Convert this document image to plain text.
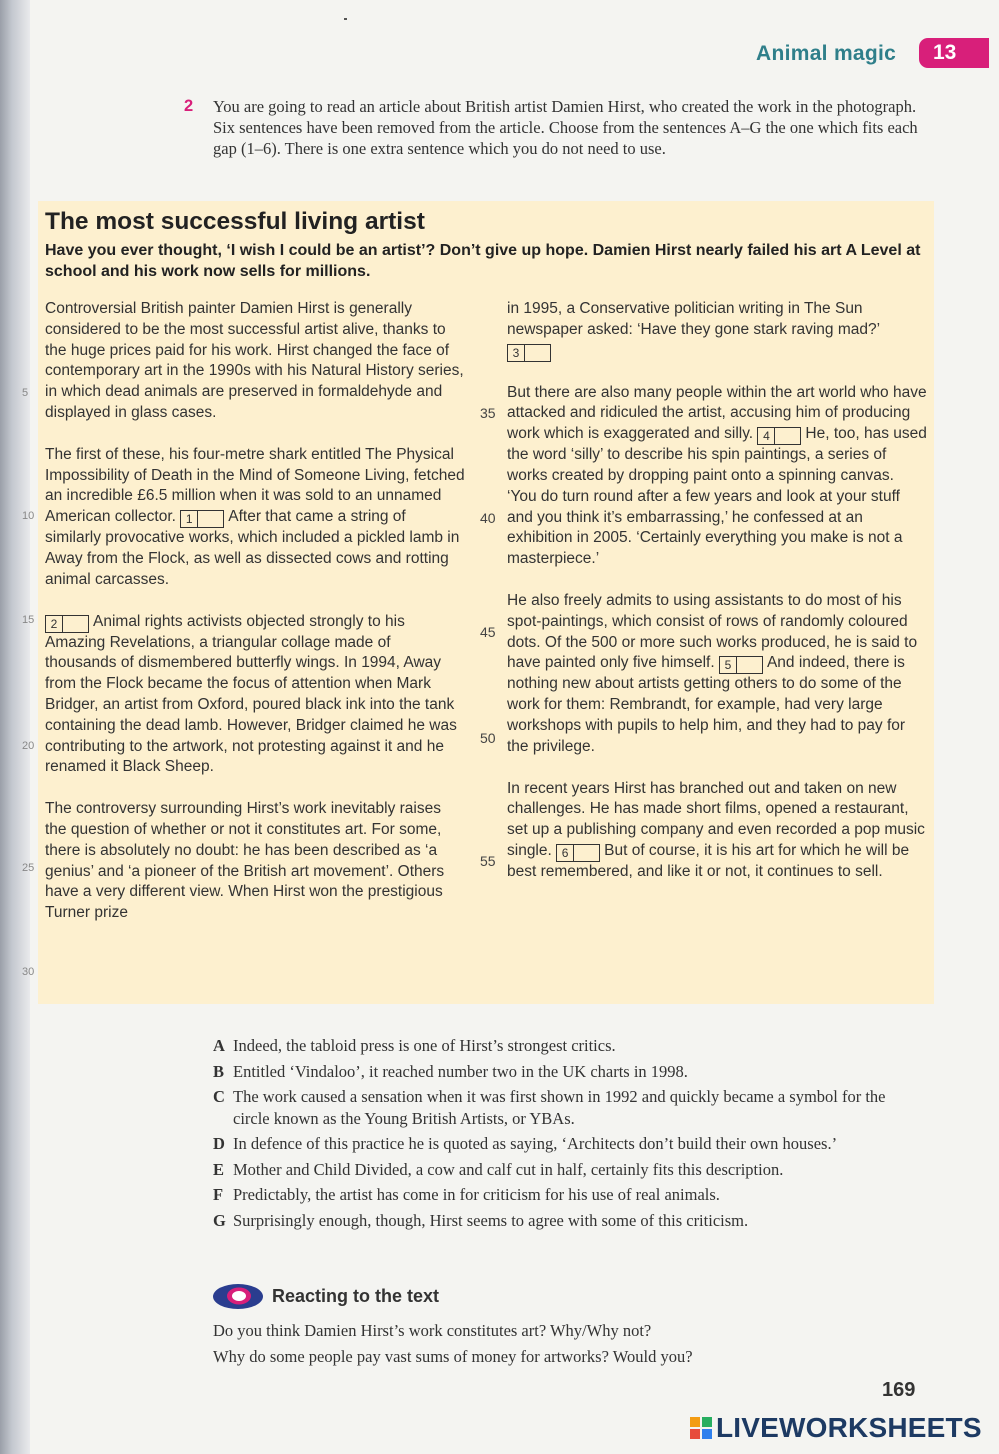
Animal magic	13
2 You are going to read an article about British artist Damien Hirst, who created the work in the photograph. Six sentences have been removed from the article. Choose from the sentences A–G the one which fits each gap (1–6). There is one extra sentence which you do not need to use.
The most successful living artist
Have you ever thought, ‘I wish I could be an artist’? Don’t give up hope. Damien Hirst nearly failed his art A Level at school and his work now sells for millions.
5
10
15
20
25
30

Controversial British painter Damien Hirst is generally considered to be the most successful artist alive, thanks to the huge prices paid for his work. Hirst changed the face of contemporary art in the 1990s with his Natural History series, in which dead animals are preserved in formaldehyde and displayed in glass cases.

The first of these, his four-metre shark entitled The Physical Impossibility of Death in the Mind of Someone Living, fetched an incredible £6.5 million when it was sold to an unnamed American collector. 1 After that came a string of similarly provocative works, which included a pickled lamb in Away from the Flock, as well as dissected cows and rotting animal carcasses.

2 Animal rights activists objected strongly to his Amazing Revelations, a triangular collage made of thousands of dismembered butterfly wings. In 1994, Away from the Flock became the focus of attention when Mark Bridger, an artist from Oxford, poured black ink into the tank containing the dead lamb. However, Bridger claimed he was contributing to the artwork, not protesting against it and he renamed it Black Sheep.

The controversy surrounding Hirst’s work inevitably raises the question of whether or not it constitutes art. For some, there is absolutely no doubt: he has been described as ‘a genius’ and ‘a pioneer of the British art movement’. Others have a very different view. When Hirst won the prestigious Turner prize

35
40
45
50
55

in 1995, a Conservative politician writing in The Sun newspaper asked: ‘Have they gone stark raving mad?’ 3

But there are also many people within the art world who have attacked and ridiculed the artist, accusing him of producing work which is exaggerated and silly. 4 He, too, has used the word ‘silly’ to describe his spin paintings, a series of works created by dropping paint onto a spinning canvas. ‘You do turn round after a few years and look at your stuff and you think it’s embarrassing,’ he confessed at an exhibition in 2005. ‘Certainly everything you make is not a masterpiece.’

He also freely admits to using assistants to do most of his spot-paintings, which consist of rows of randomly coloured dots. Of the 500 or more such works produced, he is said to have painted only five himself. 5 And indeed, there is nothing new about artists getting others to do some of the work for them: Rembrandt, for example, had very large workshops with pupils to help him, and they had to pay for the privilege.

In recent years Hirst has branched out and taken on new challenges. He has made short films, opened a restaurant, set up a publishing company and even recorded a pop music single. 6 But of course, it is his art for which he will be best remembered, and like it or not, it continues to sell.

A Indeed, the tabloid press is one of Hirst’s strongest critics.
B Entitled ‘Vindaloo’, it reached number two in the UK charts in 1998.
C The work caused a sensation when it was first shown in 1992 and quickly became a symbol for the circle known as the Young British Artists, or YBAs.
D In defence of this practice he is quoted as saying, ‘Architects don’t build their own houses.’
E Mother and Child Divided, a cow and calf cut in half, certainly fits this description.
F Predictably, the artist has come in for criticism for his use of real animals.
G Surprisingly enough, though, Hirst seems to agree with some of this criticism.
Reacting to the text
Do you think Damien Hirst’s work constitutes art? Why/Why not?
Why do some people pay vast sums of money for artworks? Would you?
169
LIVEWORKSHEETS
